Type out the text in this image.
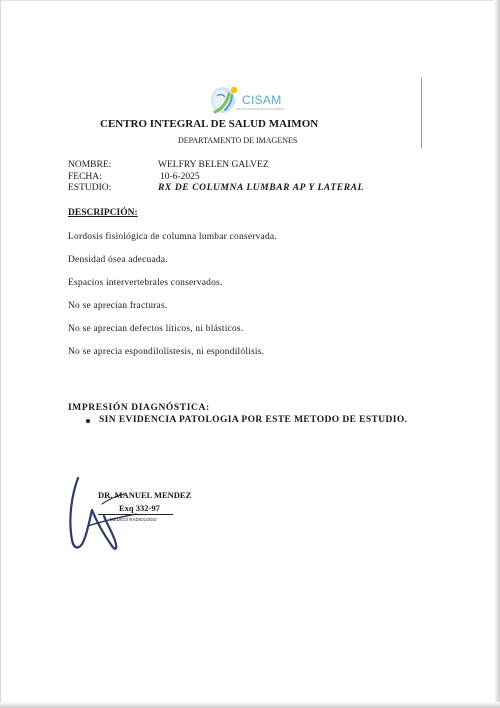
CISAM
CENTRO INTEGRAL DE SALUD MAIMON
CENTRO INTEGRAL DE SALUD MAIMON
DEPARTAMENTO DE IMAGENES
NOMBRE:	WELFRY BELEN GALVEZ
FECHA:	10-6-2025
ESTUDIO:	RX DE COLUMNA LUMBAR AP Y LATERAL
DESCRIPCIÓN:
Lordosis fisiológica de columna lumbar conservada.
Densidad ósea adecuada.
Espacios intervertebrales conservados.
No se aprecian fracturas.
No se aprecian defectos líticos, ni blásticos.
No se aprecia espondilolistesis, ni espondilólisis.
IMPRESIÓN DIAGNÓSTICA:
SIN EVIDENCIA PATOLOGIA POR ESTE METODO DE ESTUDIO.
DR. MANUEL MENDEZ
Exq 332-97
MEDICO RADIOLOGO
